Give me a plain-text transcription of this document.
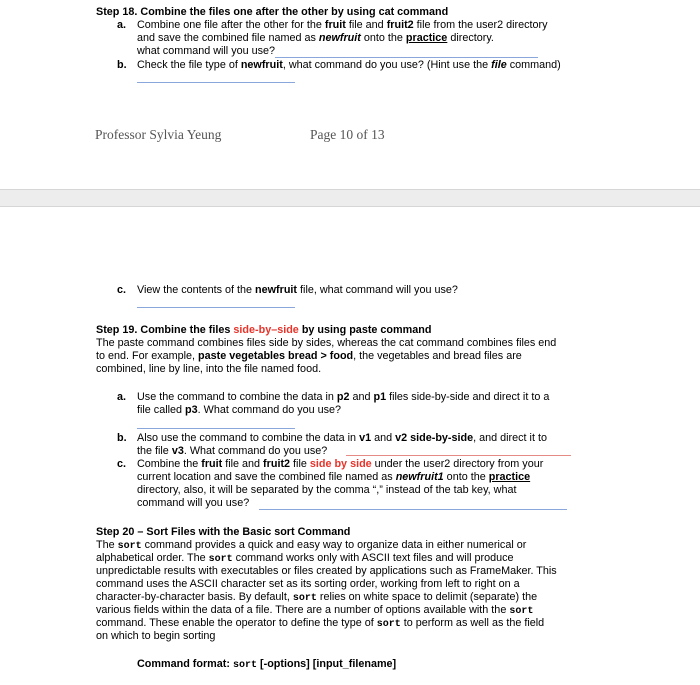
Step 18. Combine the files one after the other by using cat command
a. Combine one file after the other for the fruit file and fruit2 file from the user2 directory
and save the combined file named as newfruit onto the practice directory.
what command will you use?
b. Check the file type of newfruit, what command do you use? (Hint use the file command)
Professor Sylvia Yeung	Page 10 of 13
c. View the contents of the newfruit file, what command will you use?
Step 19. Combine the files side-by–side by using paste command
The paste command combines files side by sides, whereas the cat command combines files end
to end. For example, paste vegetables bread > food, the vegetables and bread files are
combined, line by line, into the file named food.
a. Use the command to combine the data in p2 and p1 files side-by-side and direct it to a
file called p3. What command do you use?
b. Also use the command to combine the data in v1 and v2 side-by-side, and direct it to
the file v3. What command do you use?
c. Combine the fruit file and fruit2 file side by side under the user2 directory from your
current location and save the combined file named as newfruit1 onto the practice
directory, also, it will be separated by the comma “,” instead of the tab key, what
command will you use?
Step 20 – Sort Files with the Basic sort Command
The sort command provides a quick and easy way to organize data in either numerical or
alphabetical order. The sort command works only with ASCII text files and will produce
unpredictable results with executables or files created by applications such as FrameMaker. This
command uses the ASCII character set as its sorting order, working from left to right on a
character-by-character basis. By default, sort relies on white space to delimit (separate) the
various fields within the data of a file. There are a number of options available with the sort
command. These enable the operator to define the type of sort to perform as well as the field
on which to begin sorting
Command format: sort [-options] [input_filename]
